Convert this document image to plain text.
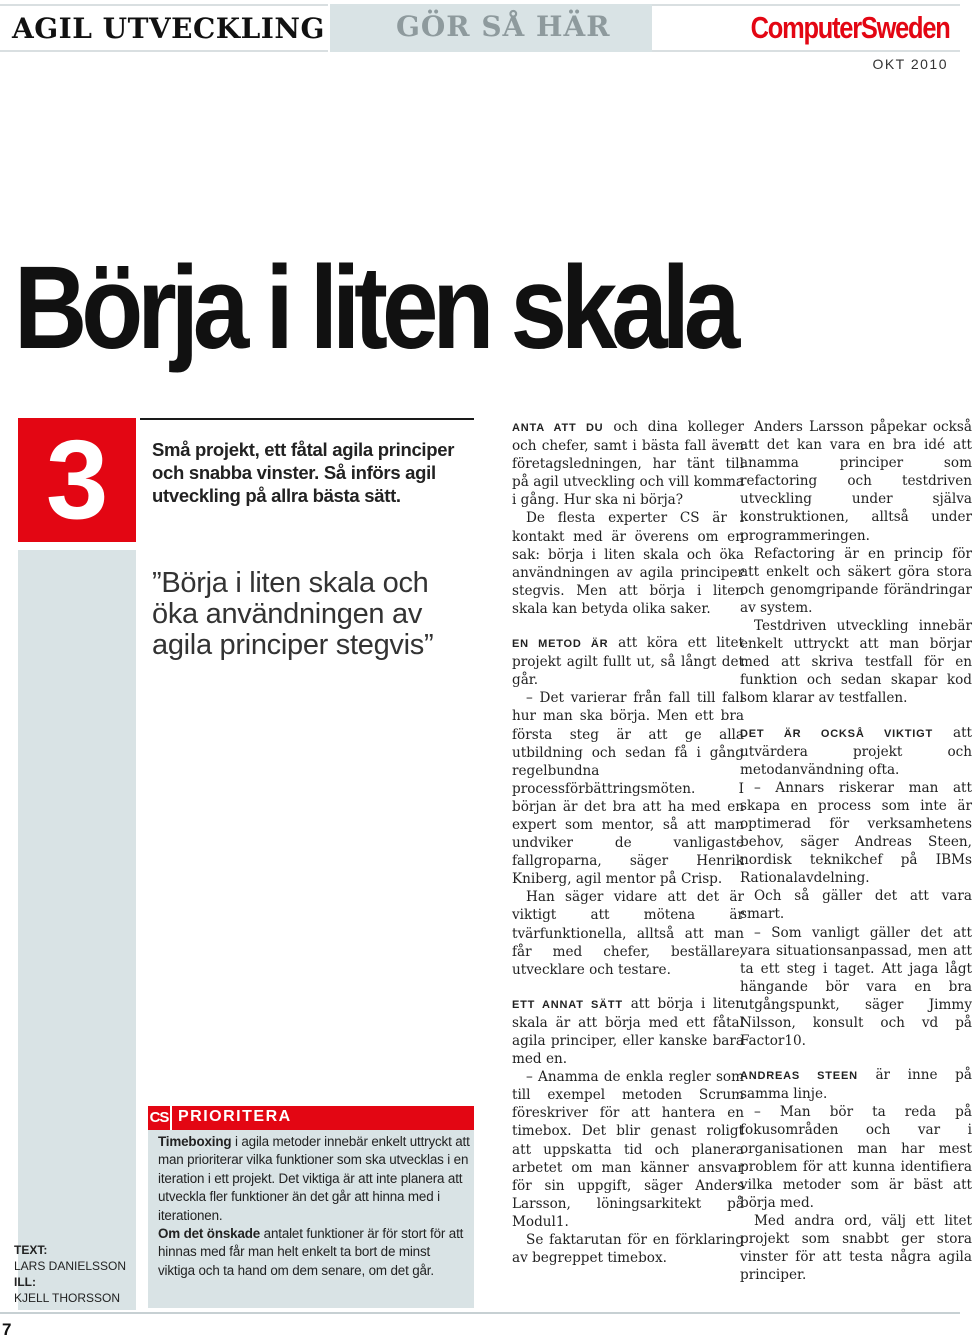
AGIL UTVECKLING	GÖR SÅ HÄR	ComputerSweden
OKT 2010
Börja i liten skala
3
TEXT:
LARS DANIELSSON
ILL:
KJELL THORSSON
7
Små projekt, ett fåtal agila principer och snabba vinster. Så införs agil utveckling på allra bästa sätt.
”Börja i liten skala och öka användningen av agila principer stegvis”
CS PRIORITERA
Timeboxing i agila metoder innebär enkelt uttryckt att man prioriterar vilka funktioner som ska utvecklas i en iteration i ett projekt. Det viktiga är att inte planera att utveckla fler funktioner än det går att hinna med i iterationen.
Om det önskade antalet funktioner är för stort för att hinnas med får man helt enkelt ta bort de minst viktiga och ta hand om dem senare, om det går.

ANTA ATT DU och dina kolleger och chefer, samt i bästa fall även företagsledningen, har tänt till på agil utveckling och vill komma i gång. Hur ska ni börja?

De flesta experter CS är i kontakt med är överens om en sak: börja i liten skala och öka användningen av agila principer stegvis. Men att börja i liten skala kan betyda olika saker.

EN METOD ÄR att köra ett litet projekt agilt fullt ut, så långt det går.

– Det varierar från fall till fall hur man ska börja. Men ett bra första steg är att ge alla utbildning och sedan få i gång regelbundna processförbättringsmöten. I början är det bra att ha med en expert som mentor, så att man undviker de vanligaste fallgroparna, säger Henrik Kniberg, agil mentor på Crisp.

Han säger vidare att det är viktigt att mötena är tvärfunktionella, alltså att man får med chefer, beställare, utvecklare och testare.

ETT ANNAT SÄTT att börja i liten skala är att börja med ett fåtal agila principer, eller kanske bara med en.

– Anamma de enkla regler som till exempel metoden Scrum föreskriver för att hantera en timebox. Det blir genast roligt att uppskatta tid och planera arbetet om man känner ansvar för sin uppgift, säger Anders Larsson, löningsarkitekt på Modul1.

Se faktarutan för en förklaring av begreppet timebox.

Anders Larsson påpekar också att det kan vara en bra idé att anamma principer som refactoring och testdriven utveckling under själva konstruktionen, alltså under programmeringen.

Refactoring är en princip för att enkelt och säkert göra stora och genomgripande förändringar av system.

Testdriven utveckling innebär enkelt uttryckt att man börjar med att skriva testfall för en funktion och sedan skapar kod som klarar av testfallen.

DET ÄR OCKSÅ VIKTIGT att utvärdera projekt och metodanvändning ofta.

– Annars riskerar man att skapa en process som inte är optimerad för verksamhetens behov, säger Andreas Steen, nordisk teknikchef på IBMs Rationalavdelning.

Och så gäller det att vara smart.

– Som vanligt gäller det att vara situationsanpassad, men att ta ett steg i taget. Att jaga lågt hängande bör vara en bra utgångspunkt, säger Jimmy Nilsson, konsult och vd på Factor10.

ANDREAS STEEN är inne på samma linje.

– Man bör ta reda på fokusområden och var i organisationen man har mest problem för att kunna identifiera vilka metoder som är bäst att börja med.

Med andra ord, välj ett litet projekt som snabbt ger stora vinster för att testa några agila principer.
